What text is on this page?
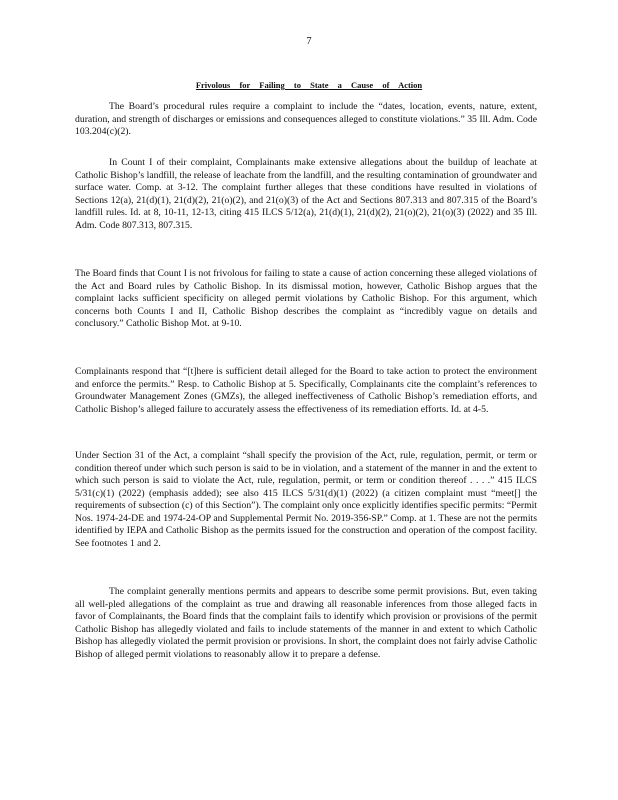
7
Frivolous for Failing to State a Cause of Action

The Board’s procedural rules require a complaint to include the “dates, location, events, nature, extent, duration, and strength of discharges or emissions and consequences alleged to constitute violations.” 35 Ill. Adm. Code 103.204(c)(2).

In Count I of their complaint, Complainants make extensive allegations about the buildup of leachate at Catholic Bishop’s landfill, the release of leachate from the landfill, and the resulting contamination of groundwater and surface water. Comp. at 3-12. The complaint further alleges that these conditions have resulted in violations of Sections 12(a), 21(d)(1), 21(d)(2), 21(o)(2), and 21(o)(3) of the Act and Sections 807.313 and 807.315 of the Board’s landfill rules. Id. at 8, 10-11, 12-13, citing 415 ILCS 5/12(a), 21(d)(1), 21(d)(2), 21(o)(2), 21(o)(3) (2022) and 35 Ill. Adm. Code 807.313, 807.315.

The Board finds that Count I is not frivolous for failing to state a cause of action concerning these alleged violations of the Act and Board rules by Catholic Bishop. In its dismissal motion, however, Catholic Bishop argues that the complaint lacks sufficient specificity on alleged permit violations by Catholic Bishop. For this argument, which concerns both Counts I and II, Catholic Bishop describes the complaint as “incredibly vague on details and conclusory.” Catholic Bishop Mot. at 9-10.

Complainants respond that “[t]here is sufficient detail alleged for the Board to take action to protect the environment and enforce the permits.” Resp. to Catholic Bishop at 5. Specifically, Complainants cite the complaint’s references to Groundwater Management Zones (GMZs), the alleged ineffectiveness of Catholic Bishop’s remediation efforts, and Catholic Bishop’s alleged failure to accurately assess the effectiveness of its remediation efforts. Id. at 4-5.

Under Section 31 of the Act, a complaint “shall specify the provision of the Act, rule, regulation, permit, or term or condition thereof under which such person is said to be in violation, and a statement of the manner in and the extent to which such person is said to violate the Act, rule, regulation, permit, or term or condition thereof . . . .” 415 ILCS 5/31(c)(1) (2022) (emphasis added); see also 415 ILCS 5/31(d)(1) (2022) (a citizen complaint must “meet[] the requirements of subsection (c) of this Section”). The complaint only once explicitly identifies specific permits: “Permit Nos. 1974-24-DE and 1974-24-OP and Supplemental Permit No. 2019-356-SP.” Comp. at 1. These are not the permits identified by IEPA and Catholic Bishop as the permits issued for the construction and operation of the compost facility. See footnotes 1 and 2.

The complaint generally mentions permits and appears to describe some permit provisions. But, even taking all well-pled allegations of the complaint as true and drawing all reasonable inferences from those alleged facts in favor of Complainants, the Board finds that the complaint fails to identify which provision or provisions of the permit Catholic Bishop has allegedly violated and fails to include statements of the manner in and extent to which Catholic Bishop has allegedly violated the permit provision or provisions. In short, the complaint does not fairly advise Catholic Bishop of alleged permit violations to reasonably allow it to prepare a defense.
